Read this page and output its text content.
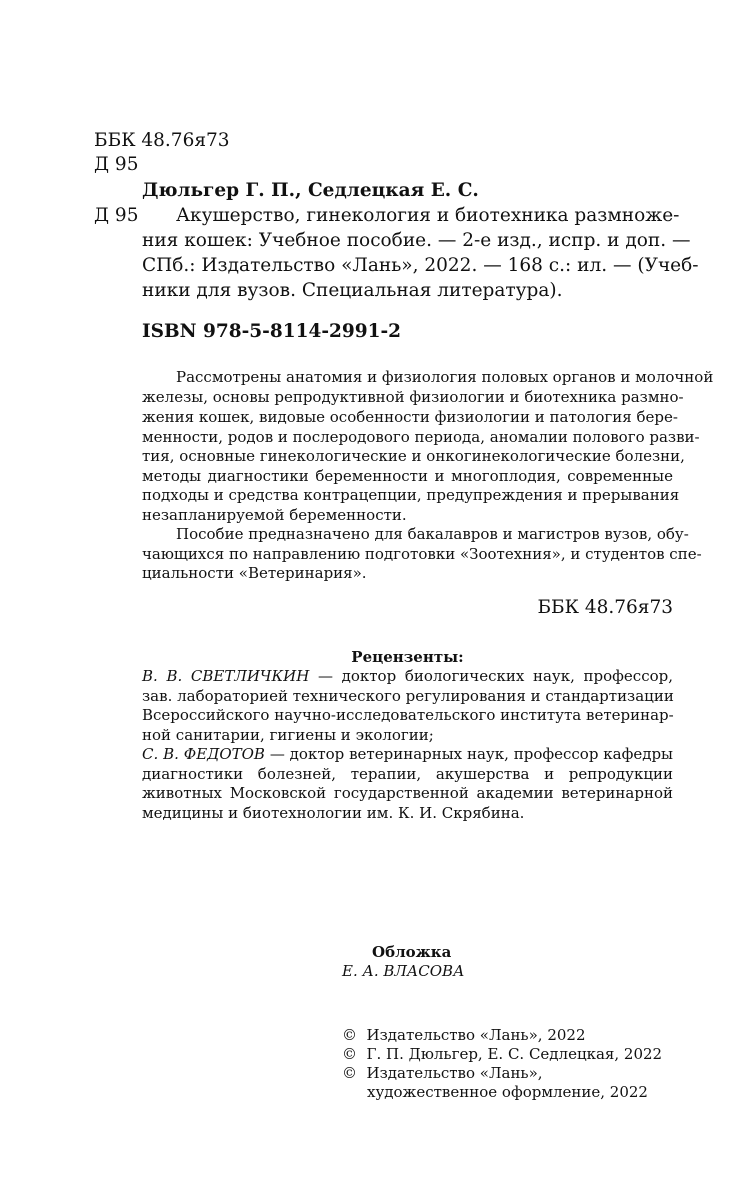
ББК 48.76я73
Д 95
Дюльгер Г. П., Седлецкая Е. С.
Д 95 Акушерство, гинекология и биотехника размноже-
ния кошек: Учебное пособие. — 2-е изд., испр. и доп. —
СПб.: Издательство «Лань», 2022. — 168 с.: ил. — (Учеб-
ники для вузов. Специальная литература).
ISBN 978-5-8114-2991-2
Рассмотрены анатомия и физиология половых органов и молочной
железы, основы репродуктивной физиологии и биотехника размно-
жения кошек, видовые особенности физиологии и патология бере-
менности, родов и послеродового периода, аномалии полового разви-
тия, основные гинекологические и онкогинекологические болезни,
методы диагностики беременности и многоплодия, современные
подходы и средства контрацепции, предупреждения и прерывания
незапланируемой беременности.
Пособие предназначено для бакалавров и магистров вузов, обу-
чающихся по направлению подготовки «Зоотехния», и студентов спе-
циальности «Ветеринария».
ББК 48.76я73
Рецензенты:
В. В. СВЕТЛИЧКИН — доктор биологических наук, профессор,
зав. лабораторией технического регулирования и стандартизации
Всероссийского научно-исследовательского института ветеринар-
ной санитарии, гигиены и экологии;
С. В. ФЕДОТОВ — доктор ветеринарных наук, профессор кафедры
диагностики болезней, терапии, акушерства и репродукции
животных Московской государственной академии ветеринарной
медицины и биотехнологии им. К. И. Скрябина.
Обложка
Е. А. ВЛАСОВА
© Издательство «Лань», 2022
© Г. П. Дюльгер, Е. С. Седлецкая, 2022
© Издательство «Лань»,
художественное оформление, 2022
